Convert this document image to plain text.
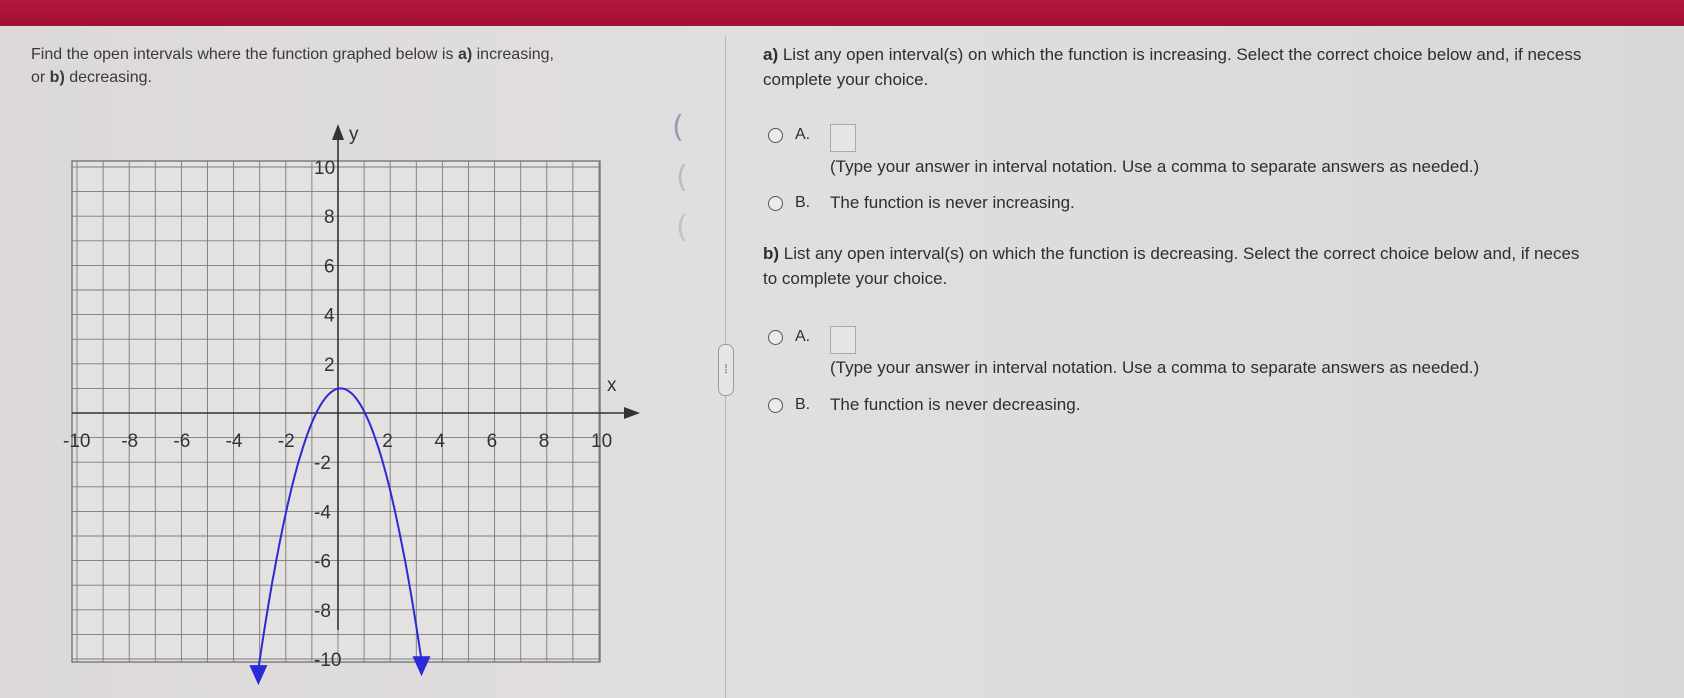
Find the open intervals where the function graphed below is a) increasing,
or b) decreasing.
y
x
-10 -8 -6 -4 -2	2 4 6 8 10
10
8
6
4
2
-2
-4
-6
-8
-10
(
(
(
⁞
a) List any open interval(s) on which the function is increasing. Select the correct choice below and, if necess
complete your choice.
A.
(Type your answer in interval notation. Use a comma to separate answers as needed.)
B. The function is never increasing.
b) List any open interval(s) on which the function is decreasing. Select the correct choice below and, if neces
to complete your choice.
A.
(Type your answer in interval notation. Use a comma to separate answers as needed.)
B. The function is never decreasing.
